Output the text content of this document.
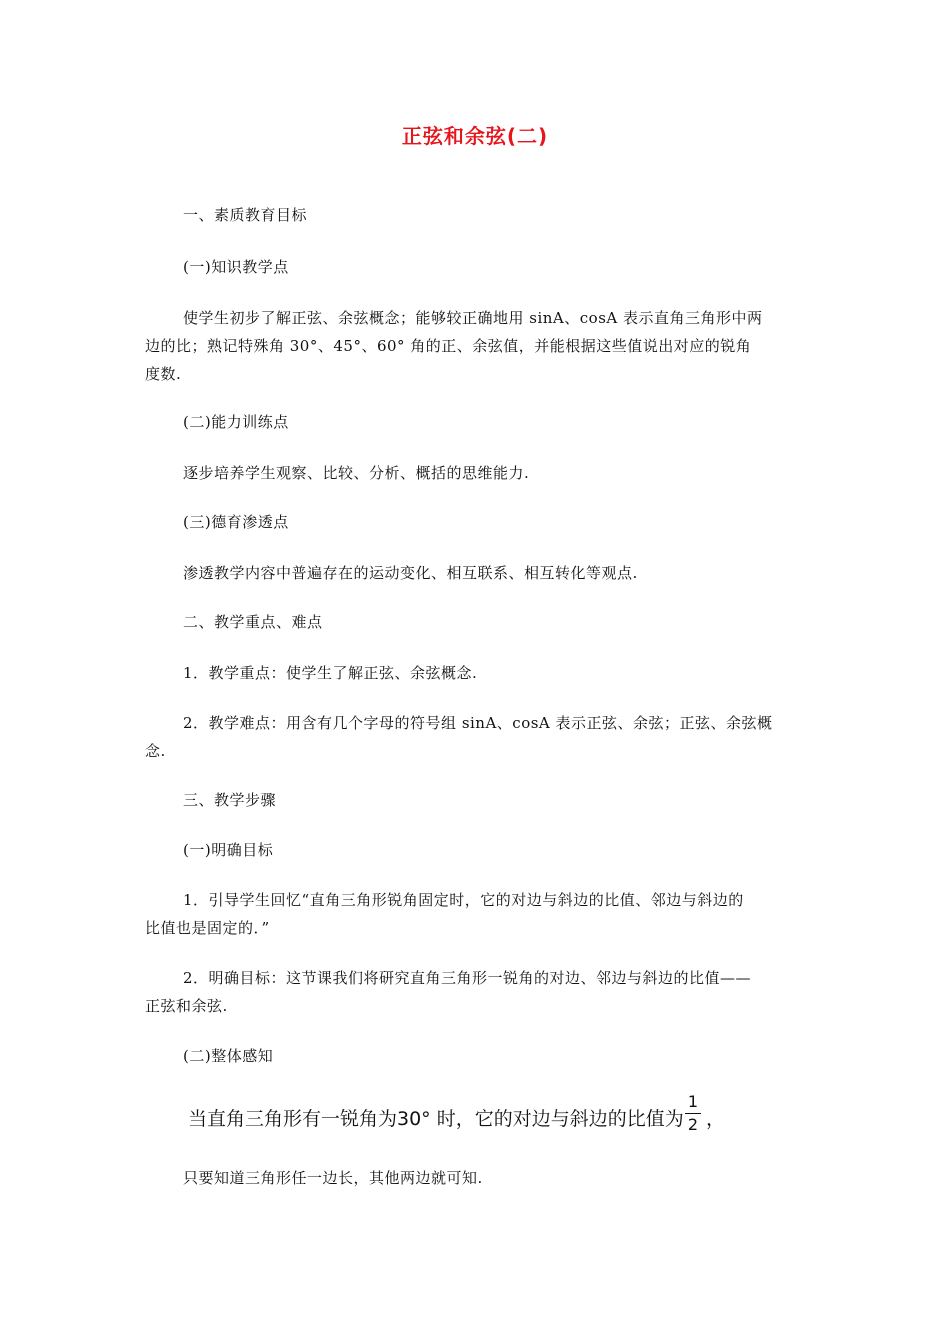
正弦和余弦(二)
一、素质教育目标
(一)知识教学点
使学生初步了解正弦、余弦概念；能够较正确地用 sinA、cosA 表示直角三角形中两
边的比；熟记特殊角 30°、45°、60° 角的正、余弦值，并能根据这些值说出对应的锐角
度数.
(二)能力训练点
逐步培养学生观察、比较、分析、概括的思维能力.
(三)德育渗透点
渗透教学内容中普遍存在的运动变化、相互联系、相互转化等观点.
二、教学重点、难点
1．教学重点：使学生了解正弦、余弦概念.
2．教学难点：用含有几个字母的符号组 sinA、cosA 表示正弦、余弦；正弦、余弦概
念.
三、教学步骤
(一)明确目标
1．引导学生回忆“直角三角形锐角固定时，它的对边与斜边的比值、邻边与斜边的
比值也是固定的．”
2．明确目标：这节课我们将研究直角三角形一锐角的对边、邻边与斜边的比值——
正弦和余弦.
(二)整体感知
当直角三角形有一锐角为30° 时，它的对边与斜边的比值为
1
2 ，
只要知道三角形任一边长，其他两边就可知.
